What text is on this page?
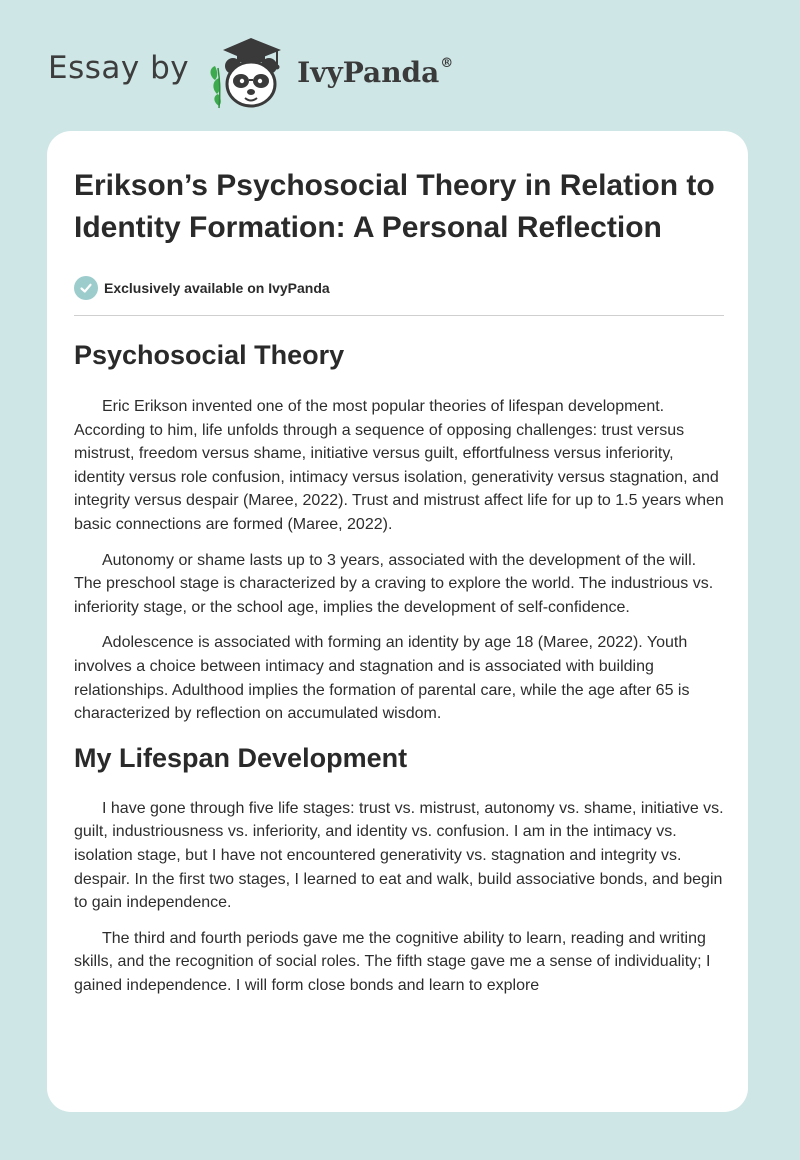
Essay by	IvyPanda®
Erikson’s Psychosocial Theory in Relation to Identity Formation: A Personal Reflection
Exclusively available on IvyPanda
Psychosocial Theory

Eric Erikson invented one of the most popular theories of lifespan development. According to him, life unfolds through a sequence of opposing challenges: trust versus mistrust, freedom versus shame, initiative versus guilt, effortfulness versus inferiority, identity versus role confusion, intimacy versus isolation, generativity versus stagnation, and integrity versus despair (Maree, 2022). Trust and mistrust affect life for up to 1.5 years when basic connections are formed (Maree, 2022).

Autonomy or shame lasts up to 3 years, associated with the development of the will. The preschool stage is characterized by a craving to explore the world. The industrious vs. inferiority stage, or the school age, implies the development of self-confidence.

Adolescence is associated with forming an identity by age 18 (Maree, 2022). Youth involves a choice between intimacy and stagnation and is associated with building relationships. Adulthood implies the formation of parental care, while the age after 65 is characterized by reflection on accumulated wisdom.

My Lifespan Development

I have gone through five life stages: trust vs. mistrust, autonomy vs. shame, initiative vs. guilt, industriousness vs. inferiority, and identity vs. confusion. I am in the intimacy vs. isolation stage, but I have not encountered generativity vs. stagnation and integrity vs. despair. In the first two stages, I learned to eat and walk, build associative bonds, and begin to gain independence.

The third and fourth periods gave me the cognitive ability to learn, reading and writing skills, and the recognition of social roles. The fifth stage gave me a sense of individuality; I gained independence. I will form close bonds and learn to explore
